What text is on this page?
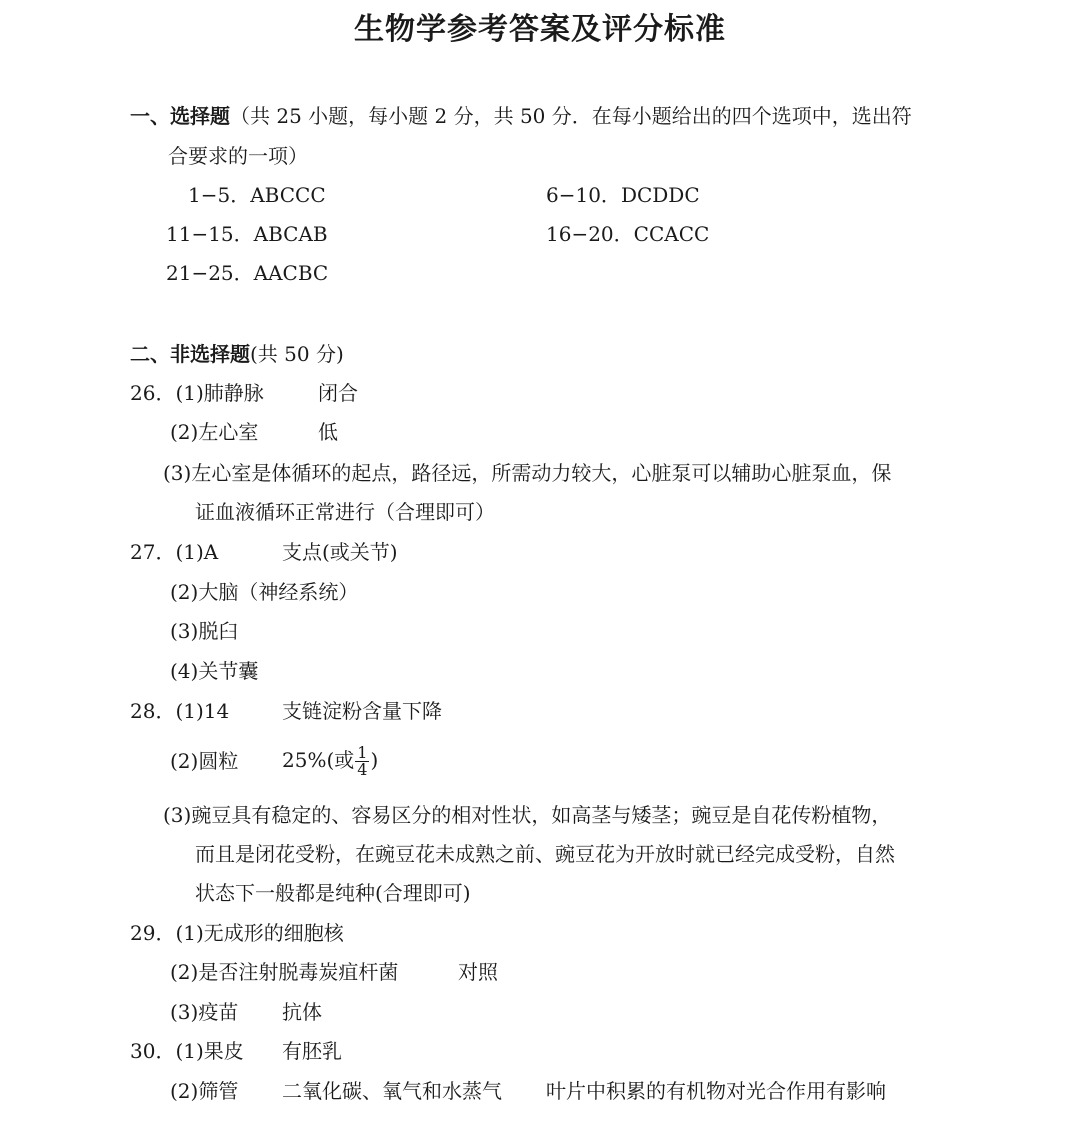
生物学参考答案及评分标准
一、选择题（共 25 小题，每小题 2 分，共 50 分．在每小题给出的四个选项中，选出符
合要求的一项）
1−5．ABCCC	6−10．DCDDC
11−15．ABCAB	16−20．CCACC
21−25．AACBC
二、非选择题(共 50 分)
26．(1)肺静脉	闭合
(2)左心室	低
(3)左心室是体循环的起点，路径远，所需动力较大，心脏泵可以辅助心脏泵血，保
证血液循环正常进行（合理即可）
27．(1)A	支点(或关节)
(2)大脑（神经系统）
(3)脱臼
(4)关节囊
28．(1)14	支链淀粉含量下降
(2)圆粒 25%(或 $\frac{1}{4}$ )
(3)豌豆具有稳定的、容易区分的相对性状，如高茎与矮茎；豌豆是自花传粉植物，
而且是闭花受粉，在豌豆花未成熟之前、豌豆花为开放时就已经完成受粉，自然
状态下一般都是纯种(合理即可)
29．(1)无成形的细胞核
(2)是否注射脱毒炭疽杆菌	对照
(3)疫苗 抗体
30．(1)果皮 有胚乳
(2)筛管 二氧化碳、氧气和水蒸气 叶片中积累的有机物对光合作用有影响
